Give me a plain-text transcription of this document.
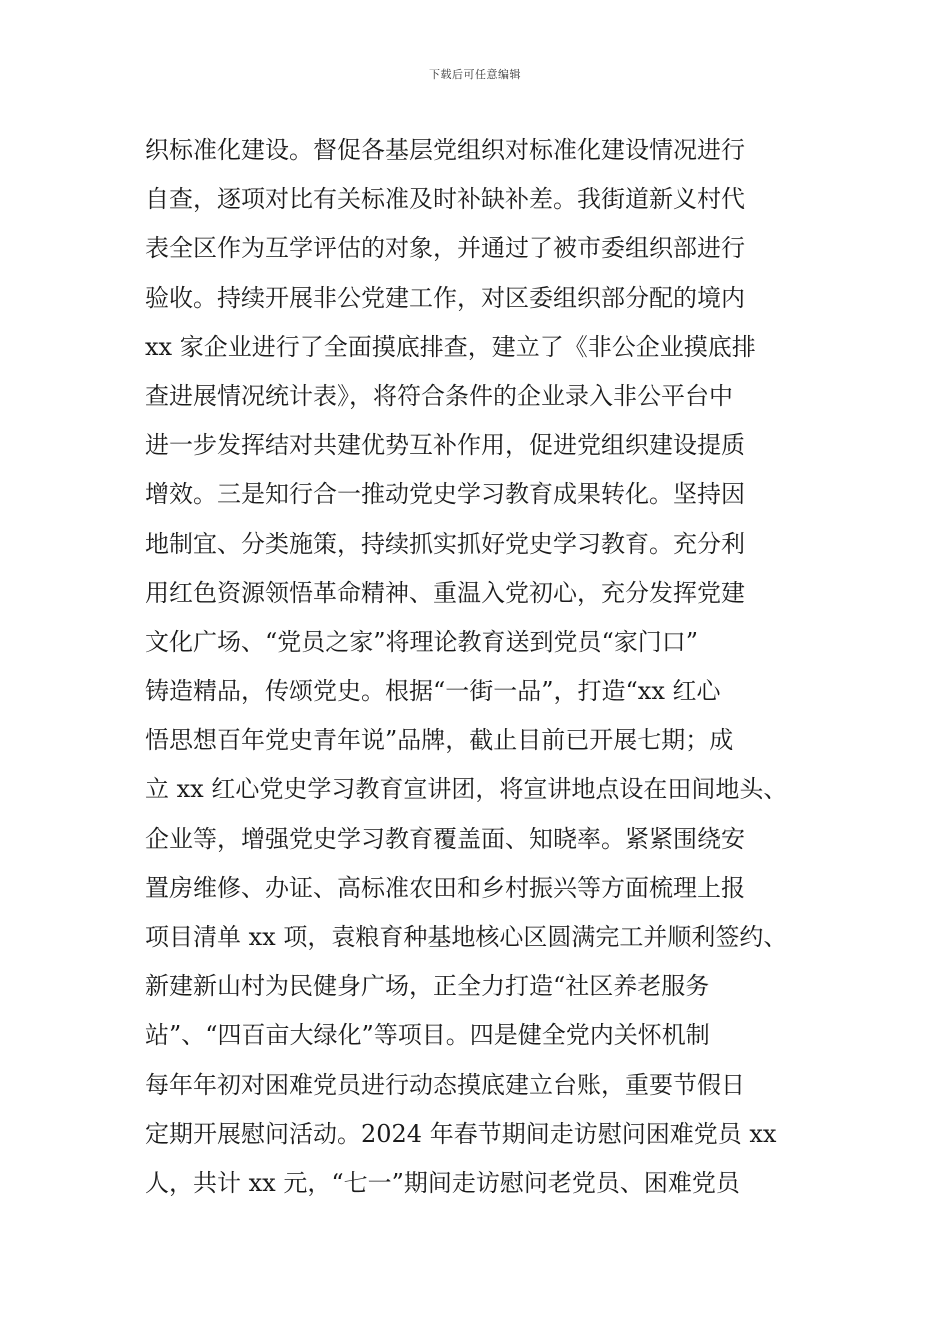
下载后可任意编辑
织标准化建设。督促各基层党组织对标准化建设情况进行
自查，逐项对比有关标准及时补缺补差。我街道新义村代
表全区作为互学评估的对象，并通过了被市委组织部进行
验收。持续开展非公党建工作，对区委组织部分配的境内
xx 家企业进行了全面摸底排查，建立了《非公企业摸底排
查进展情况统计表》，将符合条件的企业录入非公平台中
进一步发挥结对共建优势互补作用，促进党组织建设提质
增效。三是知行合一推动党史学习教育成果转化。坚持因
地制宜、分类施策，持续抓实抓好党史学习教育。充分利
用红色资源领悟革命精神、重温入党初心，充分发挥党建
文化广场、“党员之家”将理论教育送到党员“家门口”
铸造精品，传颂党史。根据“一街一品”，打造“xx 红心
悟思想百年党史青年说”品牌，截止目前已开展七期；成
立 xx 红心党史学习教育宣讲团，将宣讲地点设在田间地头、
企业等，增强党史学习教育覆盖面、知晓率。紧紧围绕安
置房维修、办证、高标准农田和乡村振兴等方面梳理上报
项目清单 xx 项，袁粮育种基地核心区圆满完工并顺利签约、
新建新山村为民健身广场，正全力打造“社区养老服务
站”、“四百亩大绿化”等项目。四是健全党内关怀机制
每年年初对困难党员进行动态摸底建立台账，重要节假日
定期开展慰问活动。2024 年春节期间走访慰问困难党员 xx
人，共计 xx 元，“七一”期间走访慰问老党员、困难党员
